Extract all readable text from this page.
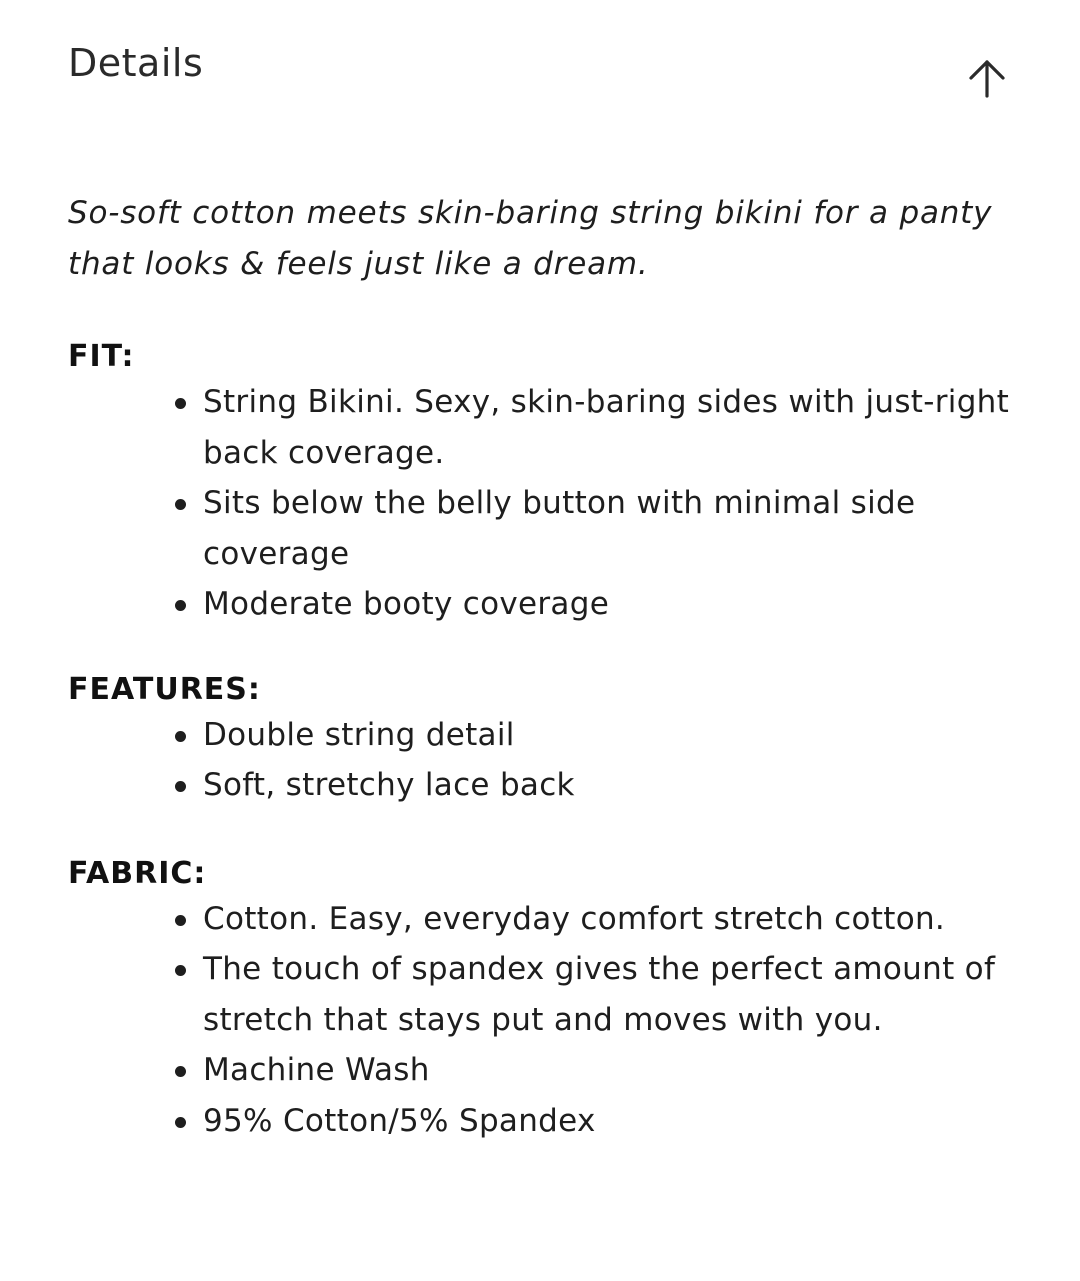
Details

So-soft cotton meets skin-baring string bikini for a panty that looks & feels just like a dream.

FIT:
String Bikini. Sexy, skin-baring sides with just-right back coverage.
Sits below the belly button with minimal side coverage
Moderate booty coverage
FEATURES:
Double string detail
Soft, stretchy lace back
FABRIC:
Cotton. Easy, everyday comfort stretch cotton.
The touch of spandex gives the perfect amount of stretch that stays put and moves with you.
Machine Wash
95% Cotton/5% Spandex
